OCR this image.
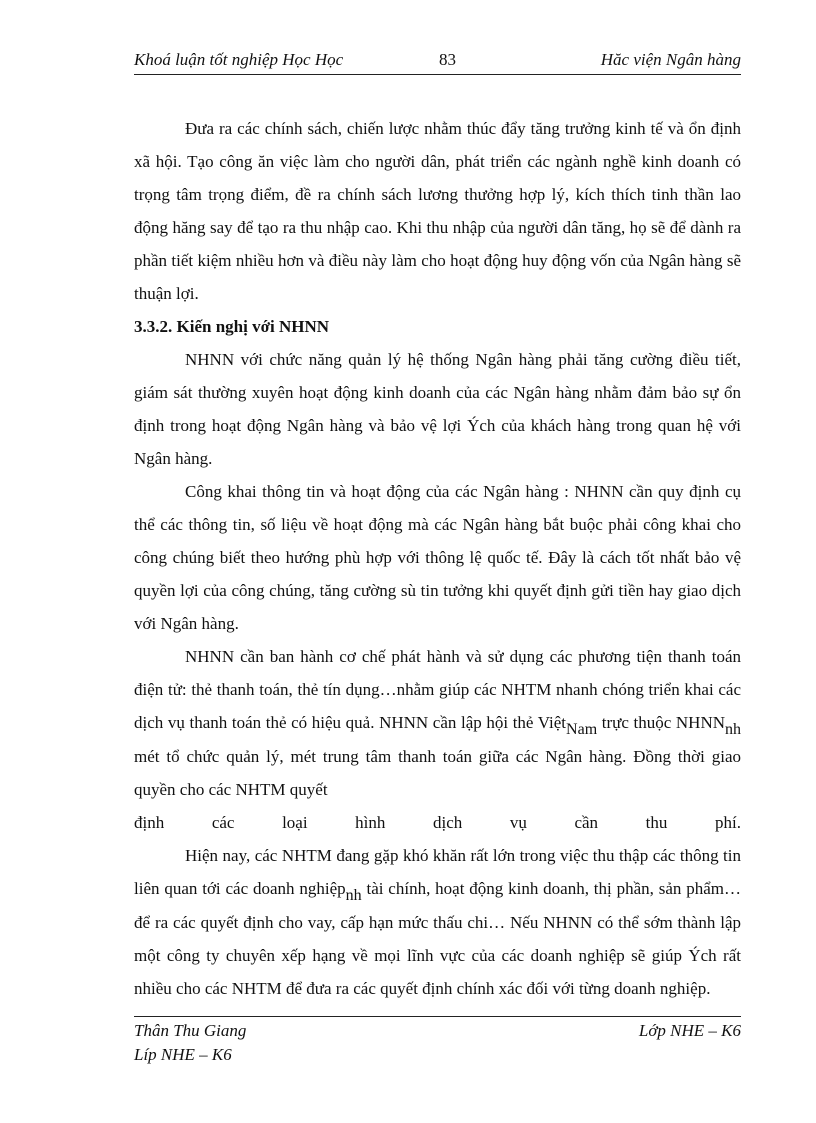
Khoá luận tốt nghiệp Học Học	83	Hăc viện Ngân hàng

Đưa ra các chính sách, chiến lược nhằm thúc đẩy tăng trưởng kinh tế và ổn định xã hội. Tạo công ăn việc làm cho người dân, phát triển các ngành nghề kinh doanh có trọng tâm trọng điểm, đề ra chính sách lương thưởng hợp lý, kích thích tinh thần lao động hăng say để tạo ra thu nhập cao. Khi thu nhập của người dân tăng, họ sẽ để dành ra phần tiết kiệm nhiều hơn và điều này làm cho hoạt động huy động vốn của Ngân hàng sẽ thuận lợi.

3.3.2. Kiến nghị với NHNN

NHNN với chức năng quản lý hệ thống Ngân hàng phải tăng cường điều tiết, giám sát thường xuyên hoạt động kinh doanh của các Ngân hàng nhằm đảm bảo sự ổn định trong hoạt động Ngân hàng và bảo vệ lợi Ých của khách hàng trong quan hệ với Ngân hàng.

Công khai thông tin và hoạt động của các Ngân hàng : NHNN cần quy định cụ thể các thông tin, số liệu về hoạt động mà các Ngân hàng bắt buộc phải công khai cho công chúng biết theo hướng phù hợp với thông lệ quốc tế. Đây là cách tốt nhất bảo vệ quyền lợi của công chúng, tăng cường sù tin tưởng khi quyết định gửi tiền hay giao dịch với Ngân hàng.

NHNN cần ban hành cơ chế phát hành và sử dụng các phương tiện thanh toán điện tử: thẻ thanh toán, thẻ tín dụng…nhằm giúp các NHTM nhanh chóng triển khai các dịch vụ thanh toán thẻ có hiệu quả. NHNN cần lập hội thẻ ViệtNam trực thuộc NHNNnh mét tổ chức quản lý, mét trung tâm thanh toán giữa các Ngân hàng. Đồng thời giao quyền cho các NHTM quyết

định	các	loại	hình	dịch	vụ	cần	thu	phí.

Hiện nay, các NHTM đang gặp khó khăn rất lớn trong việc thu thập các thông tin liên quan tới các doanh nghiệpnh tài chính, hoạt động kinh doanh, thị phần, sản phẩm…để ra các quyết định cho vay, cấp hạn mức thấu chi… Nếu NHNN có thể sớm thành lập một công ty chuyên xếp hạng về mọi lĩnh vực của các doanh nghiệp sẽ giúp Ých rất nhiều cho các NHTM để đưa ra các quyết định chính xác đối với từng doanh nghiệp.

Thân Thu Giang	Lớp NHE – K6
Líp NHE – K6
